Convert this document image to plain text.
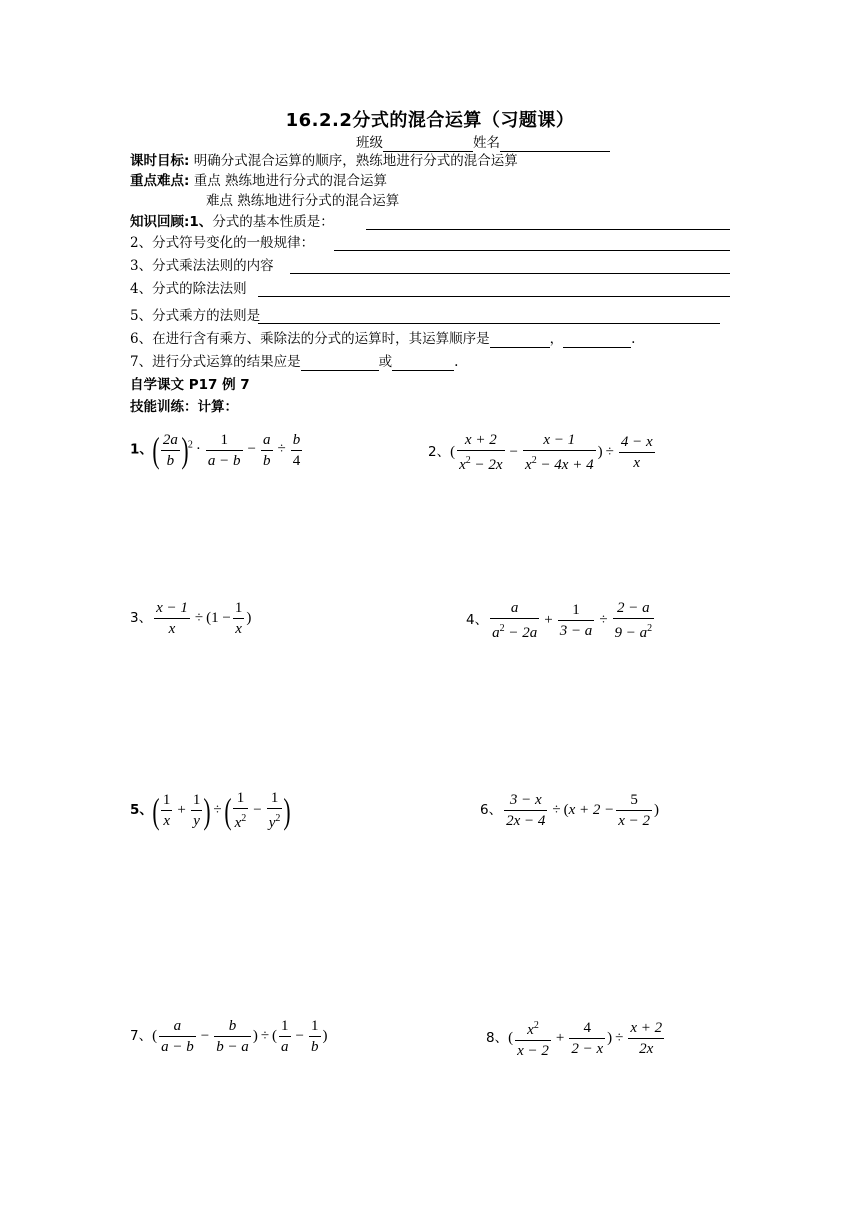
16.2.2分式的混合运算（习题课）
班级	姓名
课时目标: 明确分式混合运算的顺序，熟练地进行分式的混合运算
重点难点: 重点 熟练地进行分式的混合运算
难点 熟练地进行分式的混合运算
知识回顾:1、分式的基本性质是：
2、分式符号变化的一般规律：
3、分式乘法法则的内容
4、分式的除法法则
5、分式乘方的法则是
6、在进行含有乘方、乘除法的分式的运算时，其运算顺序是	，	.
7、进行分式运算的结果应是	或	.
自学课文 P17 例 7
技能训练：计算：
1、( $\frac{2a}{b} )^2 \cdot \frac{1}{a - b} - \frac{a}{b} \div \frac{b}{4}$	2、( $\frac{x + 2}{x^2 - 2x} - \frac{x - 1}{x^2 - 4x + 4}$ ) ÷ $\frac{4 - x}{x}$
3、 $\frac{x - 1}{x} \div (1 - \frac{1}{x}$ )	4、 $\frac{a}{a^2 - 2a} + \frac{1}{3 - a} \div \frac{2 - a}{9 - a^2}$
5、( $\frac{1}{x} + \frac{1}{y}$ ) ÷( $\frac{1}{x^2} - \frac{1}{y^2}$ )	6、 $\frac{3 - x}{2x - 4} \div (x + 2 - \frac{5}{x - 2}$ )
7、( $\frac{a}{a - b} - \frac{b}{b - a}$ ) ÷ ( $\frac{1}{a} - \frac{1}{b}$ )	8、( $\frac{x^2}{x - 2} + \frac{4}{2 - x}$ ) ÷ $\frac{x + 2}{2x}$
